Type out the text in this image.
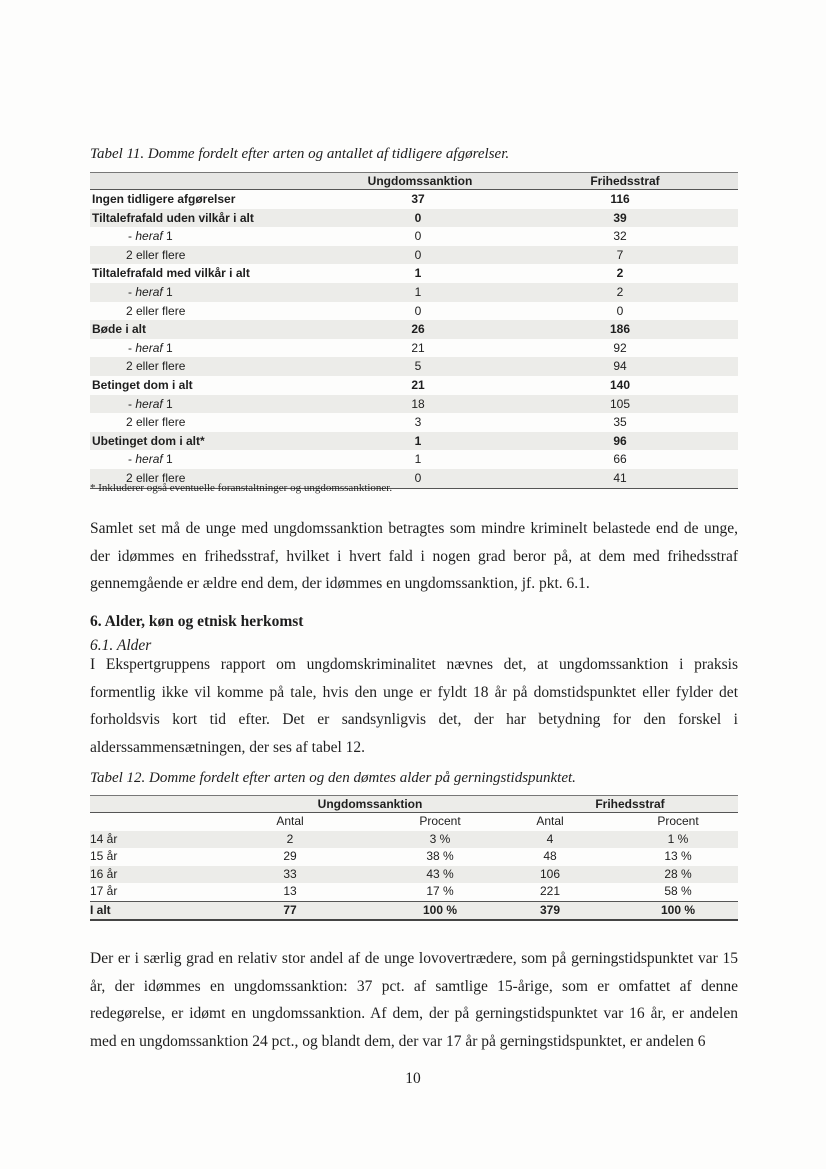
Tabel 11. Domme fordelt efter arten og antallet af tidligere afgørelser.
Ungdomssanktion	Frihedsstraf
Ingen tidligere afgørelser	37	116
Tiltalefrafald uden vilkår i alt	0	39
- heraf 1	0	32
2 eller flere	0	7
Tiltalefrafald med vilkår i alt	1	2
- heraf 1	1	2
2 eller flere	0	0
Bøde i alt	26	186
- heraf 1	21	92
2 eller flere	5	94
Betinget dom i alt	21	140
- heraf 1	18	105
2 eller flere	3	35
Ubetinget dom i alt*	1	96
- heraf 1	1	66
2 eller flere	0	41
* Inkluderer også eventuelle foranstaltninger og ungdomssanktioner.

Samlet set må de unge med ungdomssanktion betragtes som mindre kriminelt belastede end de unge, der idømmes en frihedsstraf, hvilket i hvert fald i nogen grad beror på, at dem med frihedsstraf gennemgående er ældre end dem, der idømmes en ungdomssanktion, jf. pkt. 6.1.

6. Alder, køn og etnisk herkomst
6.1. Alder

I Ekspertgruppens rapport om ungdomskriminalitet nævnes det, at ungdomssanktion i praksis formentlig ikke vil komme på tale, hvis den unge er fyldt 18 år på domstidspunktet eller fylder det forholdsvis kort tid efter. Det er sandsynligvis det, der har betydning for den forskel i alderssammensætningen, der ses af tabel 12.

Tabel 12. Domme fordelt efter arten og den dømtes alder på gerningstidspunktet.
Ungdomssanktion	Frihedsstraf
Antal	Procent	Antal	Procent
14 år	2	3 %	4	1 %
15 år	29	38 %	48	13 %
16 år	33	43 %	106	28 %
17 år	13	17 %	221	58 %
I alt	77	100 %	379	100 %

Der er i særlig grad en relativ stor andel af de unge lovovertrædere, som på gerningstidspunktet var 15 år, der idømmes en ungdomssanktion: 37 pct. af samtlige 15-årige, som er omfattet af denne redegørelse, er idømt en ungdomssanktion. Af dem, der på gerningstidspunktet var 16 år, er andelen med en ungdomssanktion 24 pct., og blandt dem, der var 17 år på gerningstidspunktet, er andelen 6

10
